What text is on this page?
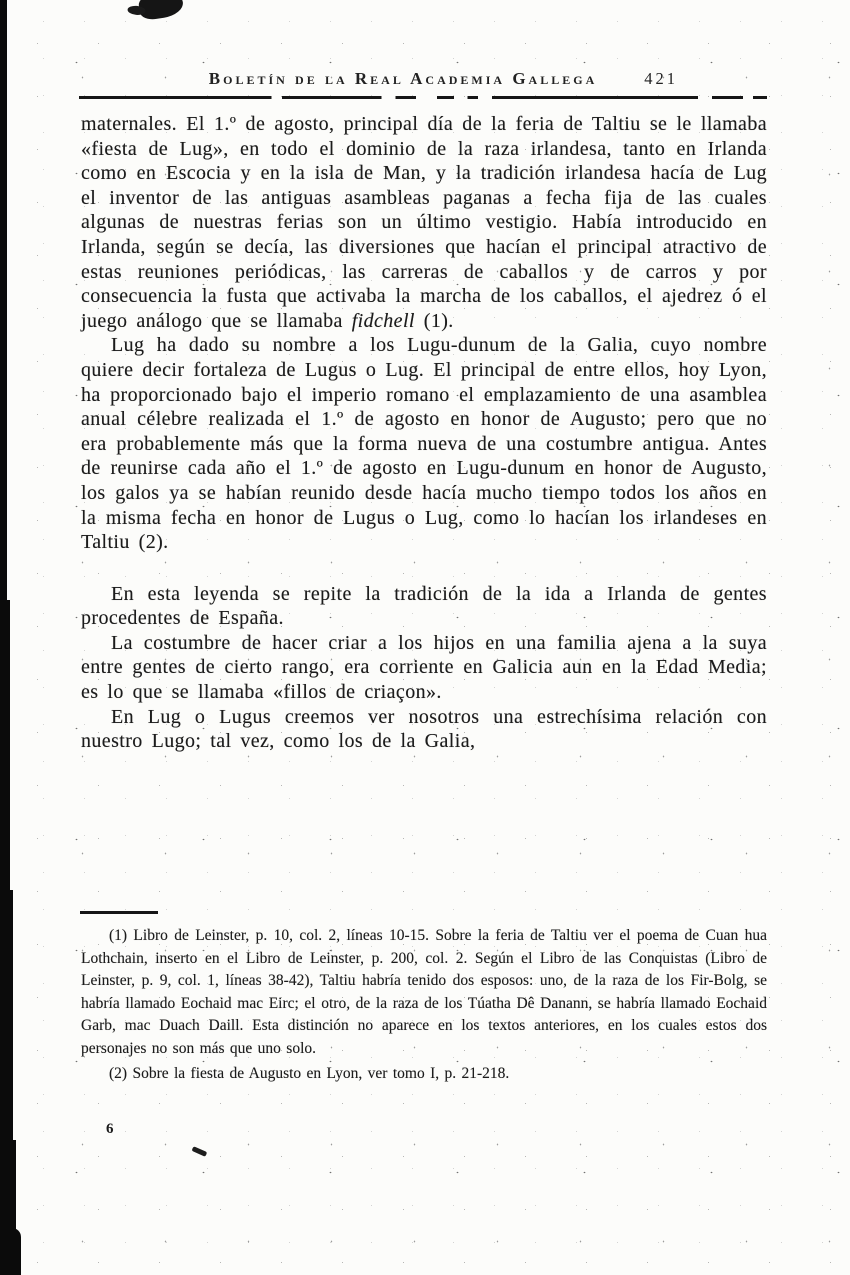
Boletín de la Real Academia Gallega	421

maternales. El 1.º de agosto, principal día de la feria de Taltiu se le llamaba «fiesta de Lug», en todo el dominio de la raza irlandesa, tanto en Irlanda como en Escocia y en la isla de Man, y la tradición irlandesa hacía de Lug el inventor de las antiguas asambleas paganas a fecha fija de las cuales algunas de nuestras ferias son un último vestigio. Había introducido en Irlanda, según se decía, las diversiones que hacían el principal atractivo de estas reuniones periódicas, las carreras de caballos y de carros y por consecuencia la fusta que activaba la marcha de los caballos, el ajedrez ó el juego análogo que se llamaba fidchell (1).

Lug ha dado su nombre a los Lugu-dunum de la Galia, cuyo nombre quiere decir fortaleza de Lugus o Lug. El principal de entre ellos, hoy Lyon, ha proporcionado bajo el imperio romano el emplazamiento de una asamblea anual célebre realizada el 1.º de agosto en honor de Augusto; pero que no era probablemente más que la forma nueva de una costumbre antigua. Antes de reunirse cada año el 1.º de agosto en Lugu-dunum en honor de Augusto, los galos ya se habían reunido desde hacía mucho tiempo todos los años en la misma fecha en honor de Lugus o Lug, como lo hacían los irlandeses en Taltiu (2).

En esta leyenda se repite la tradición de la ida a Irlanda de gentes procedentes de España.

La costumbre de hacer criar a los hijos en una familia ajena a la suya entre gentes de cierto rango, era corriente en Galicia aun en la Edad Media; es lo que se llamaba «fillos de criaçon».

En Lug o Lugus creemos ver nosotros una estrechísima relación con nuestro Lugo; tal vez, como los de la Galia,

(1) Libro de Leinster, p. 10, col. 2, líneas 10-15. Sobre la feria de Taltiu ver el poema de Cuan hua Lothchain, inserto en el Libro de Leinster, p. 200, col. 2. Según el Libro de las Conquistas (Libro de Leinster, p. 9, col. 1, líneas 38-42), Taltiu habría tenido dos esposos: uno, de la raza de los Fir-Bolg, se habría llamado Eochaid mac Eirc; el otro, de la raza de los Túatha Dê Danann, se habría llamado Eochaid Garb, mac Duach Daill. Esta distinción no aparece en los textos anteriores, en los cuales estos dos personajes no son más que uno solo.

(2) Sobre la fiesta de Augusto en Lyon, ver tomo I, p. 21-218.

6
